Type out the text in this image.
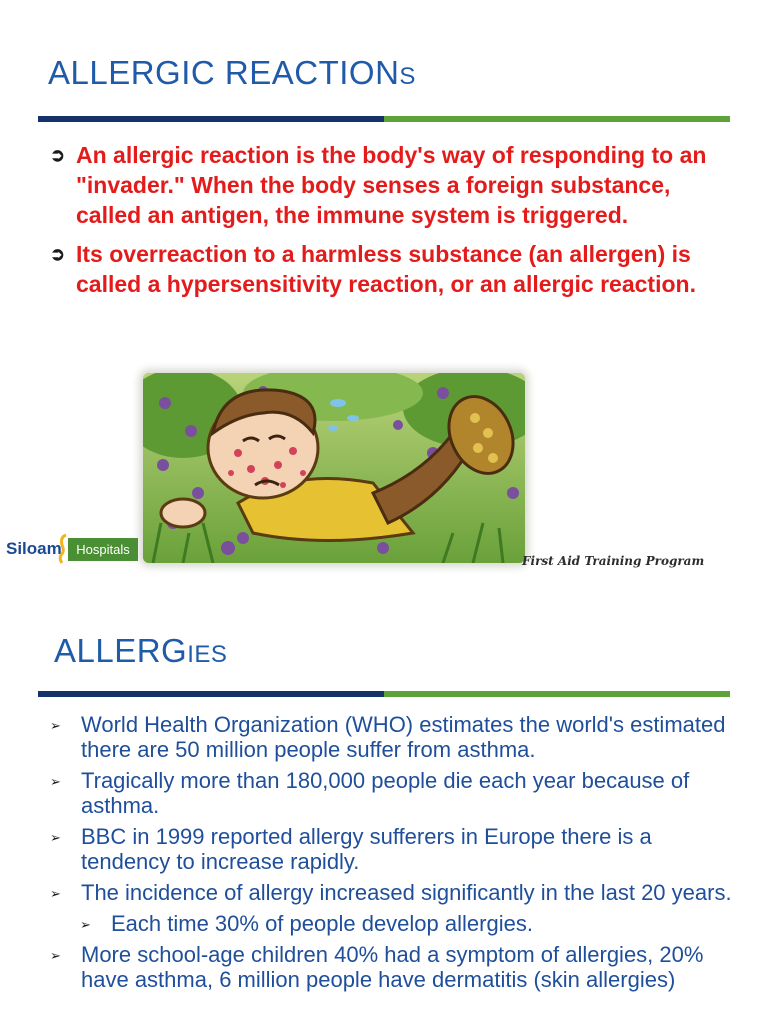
ALLERGIC REACTIONS
➲ An allergic reaction is the body's way of responding to an "invader." When the body senses a foreign substance, called an antigen, the immune system is triggered.
➲ Its overreaction to a harmless substance (an allergen) is called a hypersensitivity reaction, or an allergic reaction.
Siloam	Hospitals
First Aid Training Program
ALLERGIES
➢ World Health Organization (WHO) estimates the world's estimated there are 50 million people suffer from asthma.
➢ Tragically more than 180,000 people die each year because of asthma.
➢ BBC in 1999 reported allergy sufferers in Europe there is a tendency to increase rapidly.
➢ The incidence of allergy increased significantly in the last 20 years.
➢ Each time 30% of people develop allergies.
➢ More school-age children 40% had a symptom of allergies, 20% have asthma, 6 million people have dermatitis (skin allergies)
